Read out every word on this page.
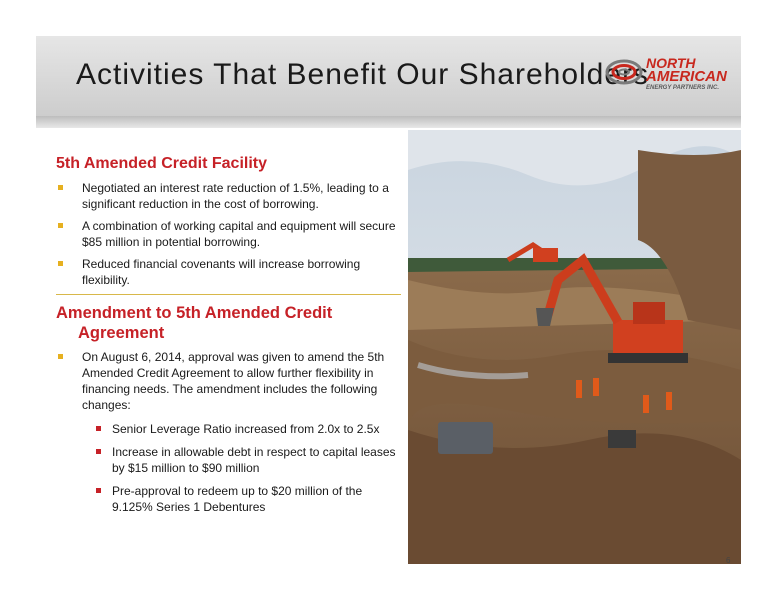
Activities That Benefit Our Shareholders
NORTH
AMERICAN
ENERGY PARTNERS INC.

5th Amended Credit Facility

Negotiated an interest rate reduction of 1.5%, leading to a significant reduction in the cost of borrowing.
A combination of working capital and equipment will secure $85 million in potential borrowing.
Reduced financial covenants will increase borrowing flexibility.

Amendment to 5th Amended Credit
Agreement

On August 6, 2014, approval was given to amend the 5th Amended Credit Agreement to allow further flexibility in financing needs. The amendment includes the following changes:
Senior Leverage Ratio increased from 2.0x to 2.5x
Increase in allowable debt in respect to capital leases by $15 million to $90 million
Pre-approval to redeem up to $20 million of the 9.125% Series 1 Debentures
6
